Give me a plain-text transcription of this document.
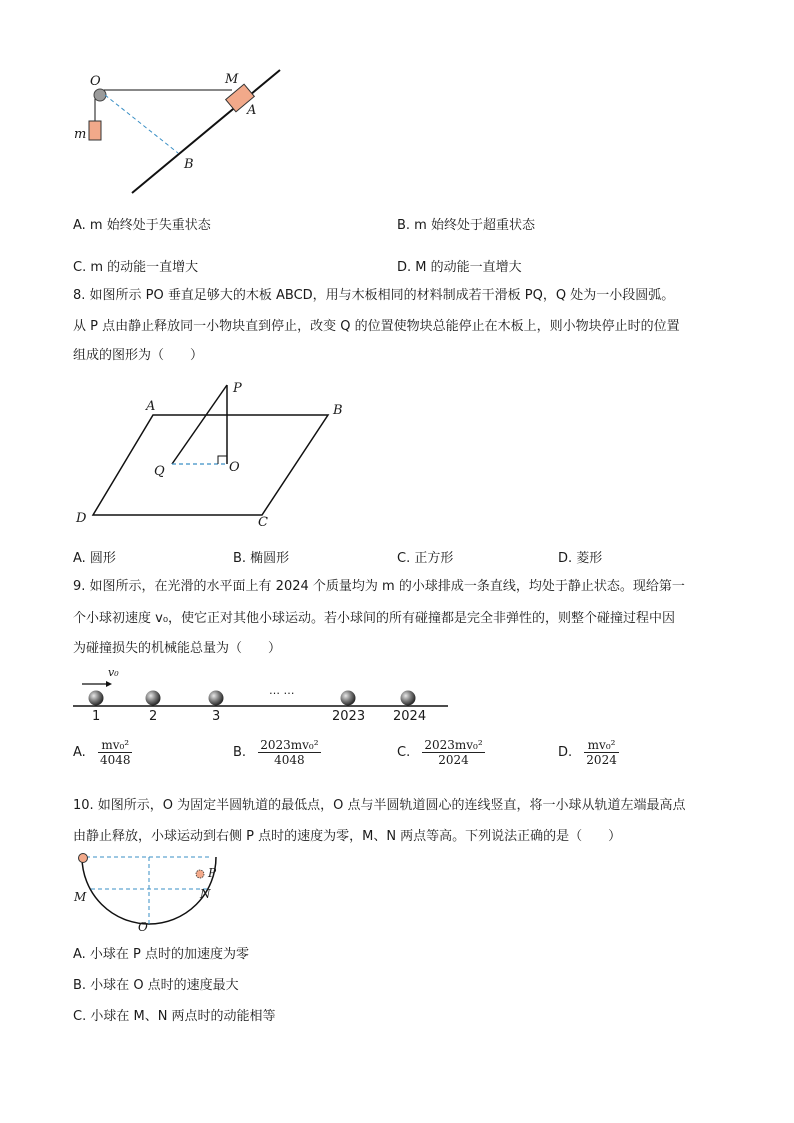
O	M
A
B
m
A. m 始终处于失重状态	B. m 始终处于超重状态
C. m 的动能一直增大	D. M 的动能一直增大
8. 如图所示 PO 垂直足够大的木板 ABCD，用与木板相同的材料制成若干滑板 PQ，Q 处为一小段圆弧。
从 P 点由静止释放同一小物块直到停止，改变 Q 的位置使物块总能停止在木板上，则小物块停止时的位置
组成的图形为（　　）
A	B
C
D
P
Q	O
A. 圆形	B. 椭圆形	C. 正方形	D. 菱形
9. 如图所示，在光滑的水平面上有 2024 个质量均为 m 的小球排成一条直线，均处于静止状态。现给第一
个小球初速度 v₀，使它正对其他小球运动。若小球间的所有碰撞都是完全非弹性的，则整个碰撞过程中因
为碰撞损失的机械能总量为（　　）
v₀
… …
1	2	3	2023 2024
A. $\frac{\text{mv₀²}}{4048}$	B. $\frac{\text{2023mv₀²}}{4048}$	C. $\frac{\text{2023mv₀²}}{2024}$	D. $\frac{\text{mv₀²}}{2024}$
10. 如图所示，O 为固定半圆轨道的最低点，O 点与半圆轨道圆心的连线竖直，将一小球从轨道左端最高点
由静止释放，小球运动到右侧 P 点时的速度为零，M、N 两点等高。下列说法正确的是（　　）
P
M	N
O
A. 小球在 P 点时的加速度为零
B. 小球在 O 点时的速度最大
C. 小球在 M、N 两点时的动能相等
